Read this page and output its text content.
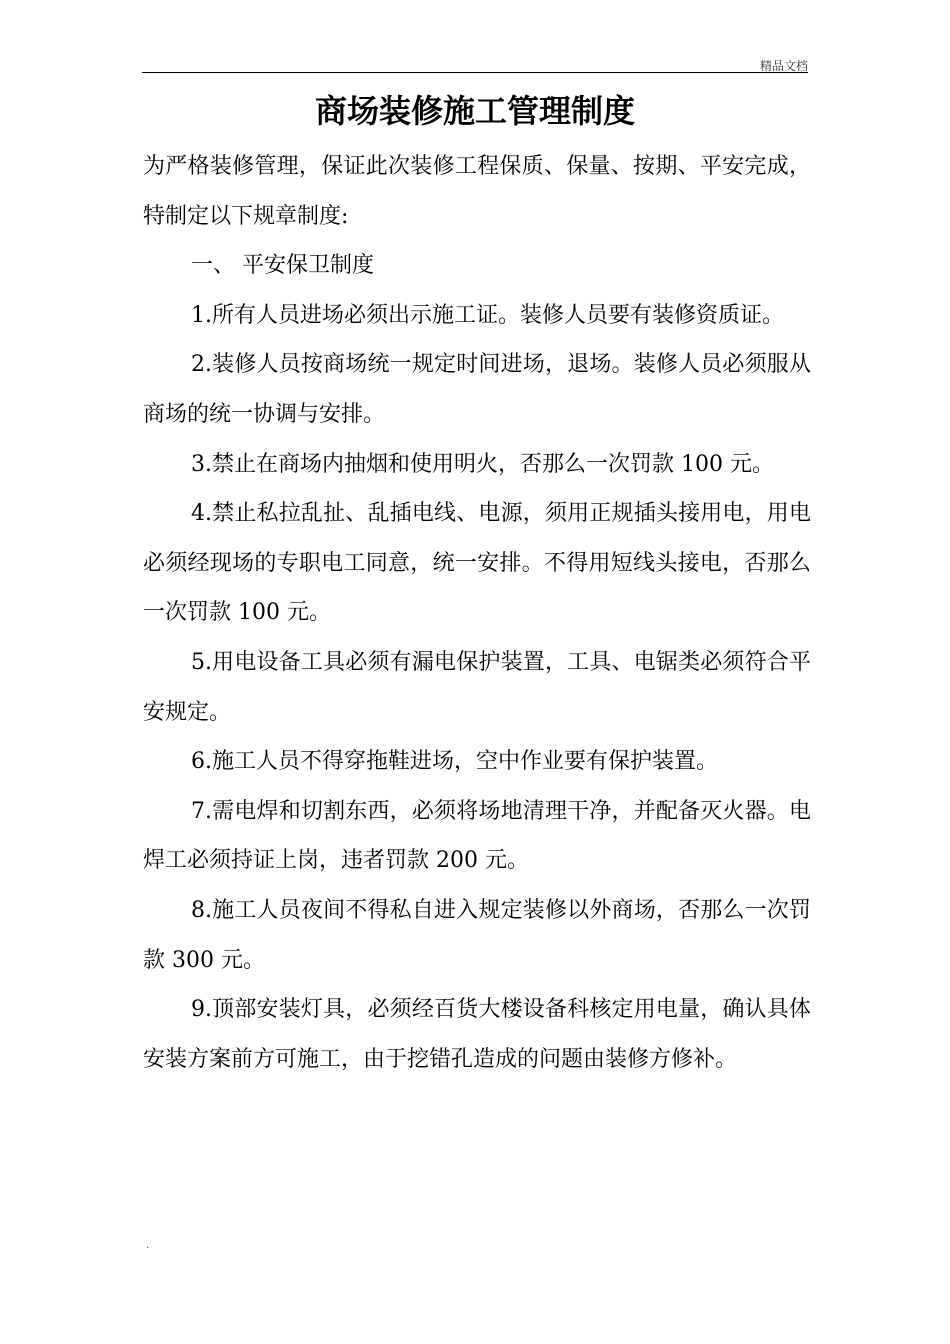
精品文档
商场装修施工管理制度

为严格装修管理，保证此次装修工程保质、保量、按期、平安完成，特制定以下规章制度:

一、 平安保卫制度

1.所有人员进场必须出示施工证。装修人员要有装修资质证。

2.装修人员按商场统一规定时间进场，退场。装修人员必须服从商场的统一协调与安排。

3.禁止在商场内抽烟和使用明火，否那么一次罚款 100 元。

4.禁止私拉乱扯、乱插电线、电源，须用正规插头接用电，用电必须经现场的专职电工同意，统一安排。不得用短线头接电，否那么一次罚款 100 元。

5.用电设备工具必须有漏电保护装置，工具、电锯类必须符合平安规定。

6.施工人员不得穿拖鞋进场，空中作业要有保护装置。

7.需电焊和切割东西，必须将场地清理干净，并配备灭火器。电焊工必须持证上岗，违者罚款 200 元。

8.施工人员夜间不得私自进入规定装修以外商场，否那么一次罚款 300 元。

9.顶部安装灯具，必须经百货大楼设备科核定用电量，确认具体安装方案前方可施工，由于挖错孔造成的问题由装修方修补。

.
